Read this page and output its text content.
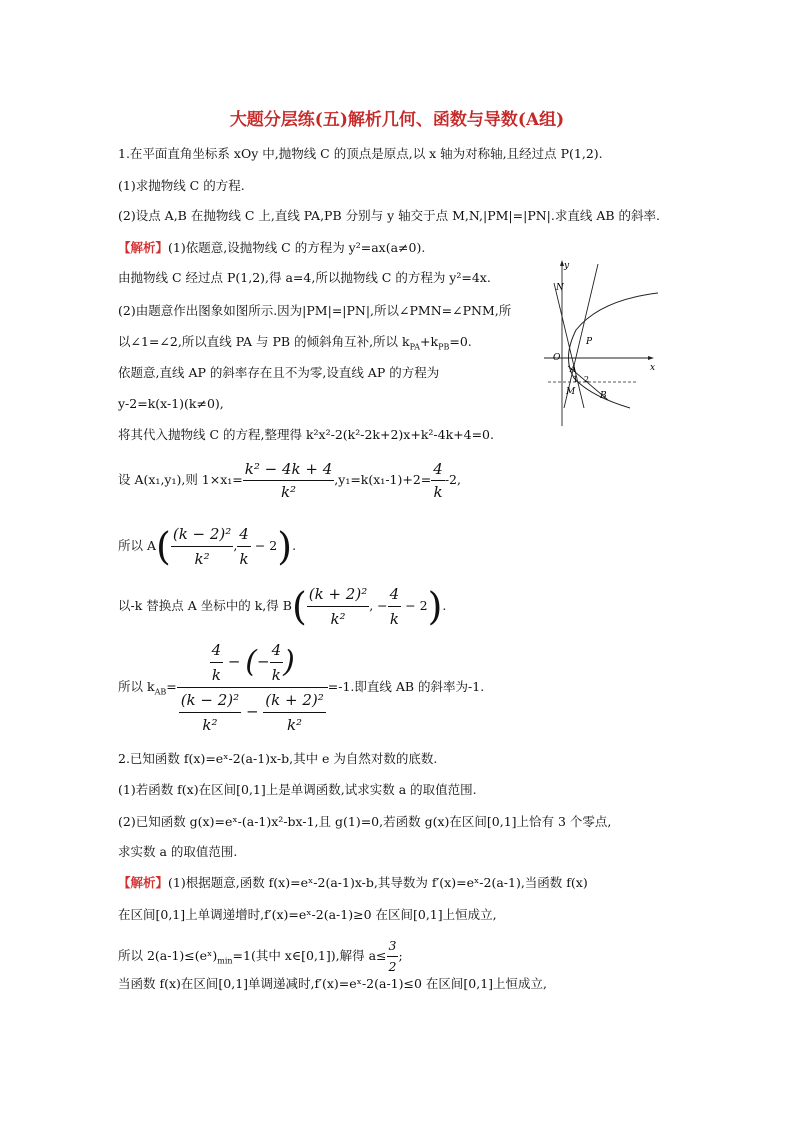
大题分层练(五)解析几何、函数与导数(A组)
1.在平面直角坐标系 xOy 中,抛物线 C 的顶点是原点,以 x 轴为对称轴,且经过点 P(1,2).
(1)求抛物线 C 的方程.
(2)设点 A,B 在抛物线 C 上,直线 PA,PB 分别与 y 轴交于点 M,N,|PM|=|PN|.求直线 AB 的斜率.
【解析】(1)依题意,设抛物线 C 的方程为 y²=ax(a≠0).
由抛物线 C 经过点 P(1,2),得 a=4,所以抛物线 C 的方程为 y²=4x.
(2)由题意作出图象如图所示.因为|PM|=|PN|,所以∠PMN=∠PNM,所
以∠1=∠2,所以直线 PA 与 PB 的倾斜角互补,所以 $k_{PA}+k_{PB}=0$.
依题意,直线 AP 的斜率存在且不为零,设直线 AP 的方程为
y-2=k(x-1)(k≠0),
将其代入抛物线 C 的方程,整理得 k²x²-2(k²-2k+2)x+k²-4k+4=0.
设 A(x₁,y₁),则 $1\times x_1= \frac{\text{k² − 4k + 4}}{\text{k²}} ,y_1=k(x_1-1)+2= \frac{4}{k} -2$,
所以 $A( \frac{\text{(k − 2)²}}{\text{k²}}$ , $\frac{4}{k} - 2$).
以-k 替换点 A 坐标中的 k,得 $B( \frac{\text{(k + 2)²}}{\text{k²}}$ , − $\frac{4}{k} - 2$).
所以 $k_{AB}= \frac{\frac{4}{k} - (- \frac{4}{k} )}{\frac{\text{(k − 2)²}}{\text{k²}} - \frac{\text{(k + 2)²}}{\text{k²}}} =-1$.即直线 AB 的斜率为-1.
2.已知函数 f(x)=eˣ-2(a-1)x-b,其中 e 为自然对数的底数.
(1)若函数 f(x)在区间[0,1]上是单调函数,试求实数 a 的取值范围.
(2)已知函数 g(x)=eˣ-(a-1)x²-bx-1,且 g(1)=0,若函数 g(x)在区间[0,1]上恰有 3 个零点,
求实数 a 的取值范围.
【解析】(1)根据题意,函数 f(x)=eˣ-2(a-1)x-b,其导数为 f′(x)=eˣ-2(a-1),当函数 f(x)
在区间[0,1]上单调递增时,f′(x)=eˣ-2(a-1)≥0 在区间[0,1]上恒成立,
所以 $2(a-1)\le(eˣ)_{min}=1$(其中 x∈[0,1]),解得 $a\le \frac{3}{2}$ ;
当函数 f(x)在区间[0,1]单调递减时,f′(x)=eˣ-2(a-1)≤0 在区间[0,1]上恒成立,
y
x
O
N
P
A
M	B
1 2
